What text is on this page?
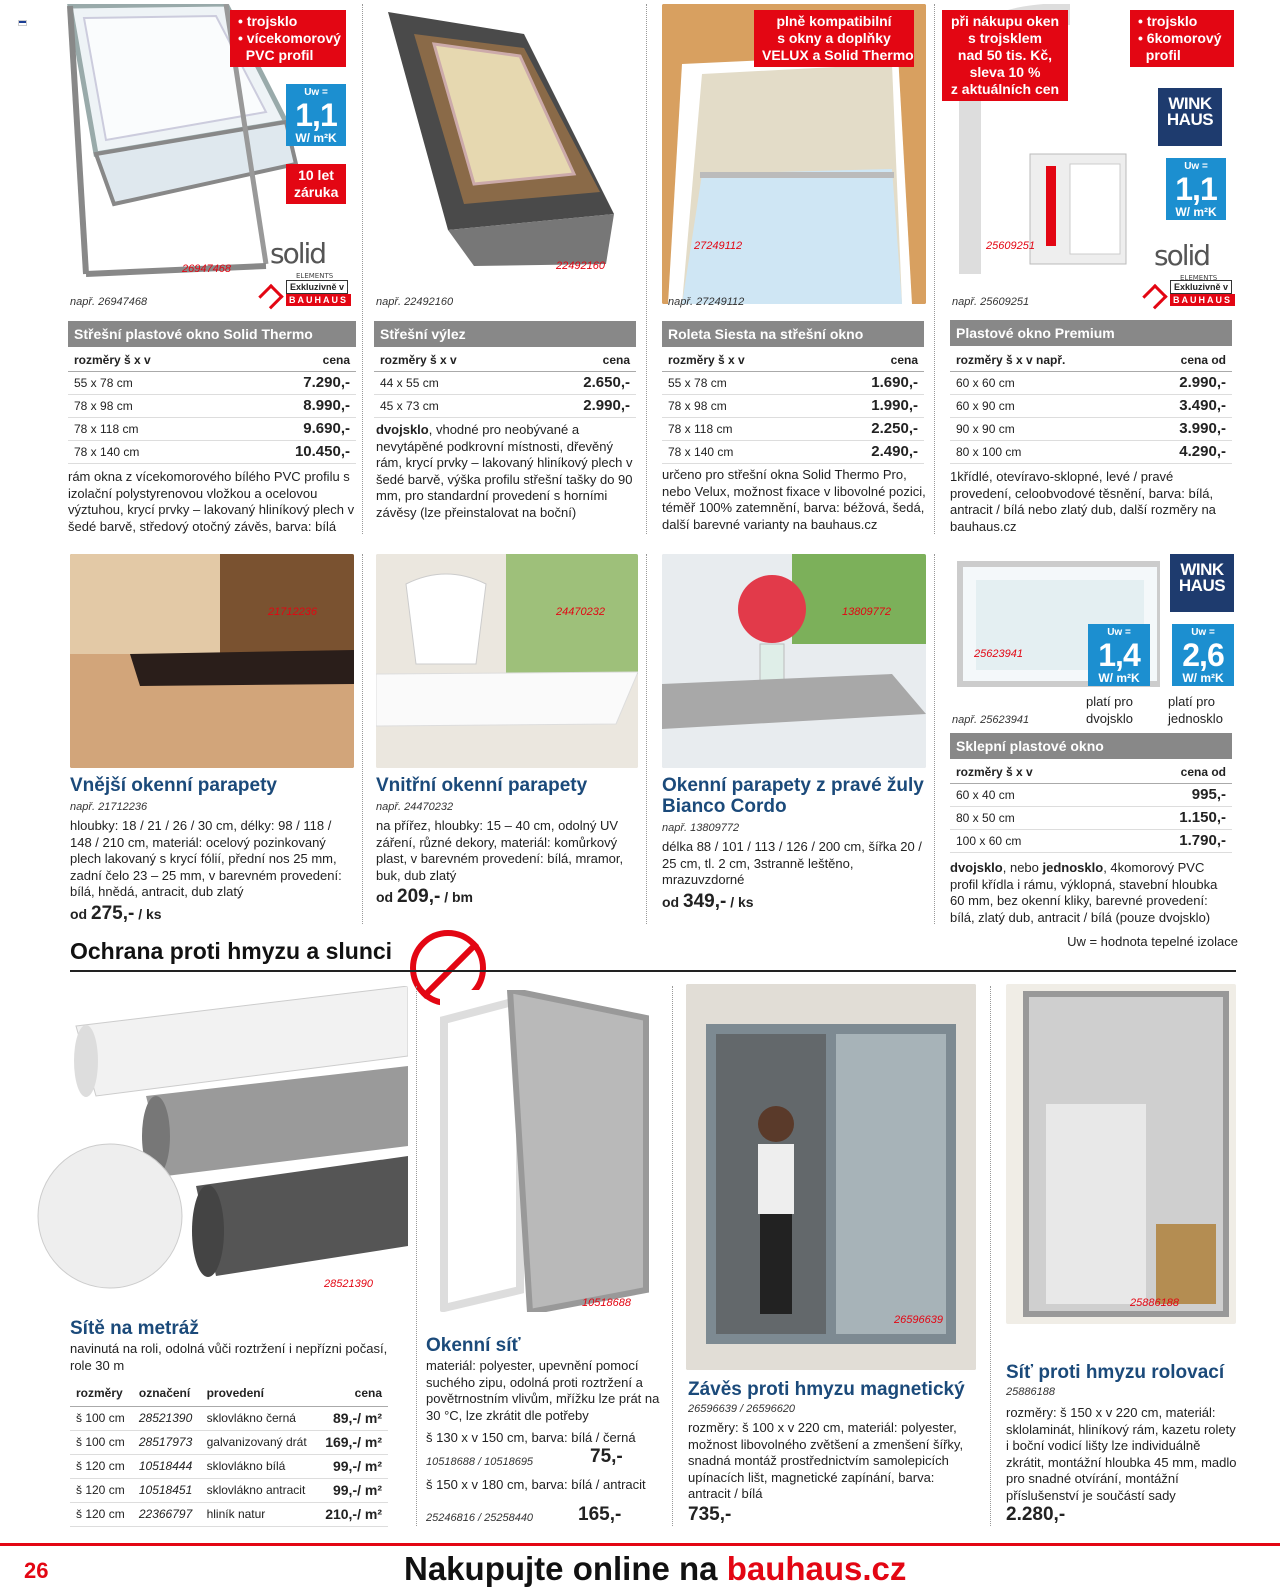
• trojsklo
• vícekomorový
PVC profil
Uw =
1,1
W/ m²K
10 let
záruka
26947468 solid
ELEMENTS
Exkluzivně v
BAUHAUS
např. 26947468
Střešní plastové okno Solid Thermo
rozměry š x v	cena
55 x 78 cm	7.290,-
78 x 98 cm	8.990,-
78 x 118 cm	9.690,-
78 x 140 cm	10.450,-
rám okna z vícekomorového bílého PVC profilu s izolační polystyrenovou vložkou a ocelovou výztuhou, krycí prvky – lakovaný hliníkový plech v šedé barvě, středový otočný závěs, barva: bílá
22492160
např. 22492160
Střešní výlez
rozměry š x v	cena
44 x 55 cm	2.650,-
45 x 73 cm	2.990,-
dvojsklo, vhodné pro neobývané a nevytápěné podkrovní místnosti, dřevěný rám, krycí prvky – lakovaný hliníkový plech v šedé barvě, výška profilu střešní tašky do 90 mm, pro standardní provedení s horními závěsy (lze přeinstalovat na boční)
plně kompatibilní
s okny a doplňky
VELUX a Solid Thermo
27249112
např. 27249112
Roleta Siesta na střešní okno
rozměry š x v	cena
55 x 78 cm	1.690,-
78 x 98 cm	1.990,-
78 x 118 cm	2.250,-
78 x 140 cm	2.490,-
určeno pro střešní okna Solid Thermo Pro, nebo Velux, možnost fixace v libovolné pozici, téměř 100% zatemnění, barva: béžová, šedá, další barevné varianty na bauhaus.cz
při nákupu oken
s trojsklem
nad 50 tis. Kč,
sleva 10 %
z aktuálních cen
• trojsklo
• 6komorový
profil
WINK HAUS
Uw =
1,1
W/ m²K
25609251	solid
ELEMENTS
Exkluzivně v
BAUHAUS
např. 25609251
Plastové okno Premium
rozměry š x v např.	cena od
60 x 60 cm	2.990,-
60 x 90 cm	3.490,-
90 x 90 cm	3.990,-
80 x 100 cm	4.290,-
1křídlé, otevíravo-sklopné, levé / pravé provedení, celoobvodové těsnění, barva: bílá, antracit / bílá nebo zlatý dub, další rozměry na bauhaus.cz
21712236
Vnější okenní parapety
např. 21712236
hloubky: 18 / 21 / 26 / 30 cm, délky: 98 / 118 / 148 / 210 cm, materiál: ocelový pozinkovaný plech lakovaný s krycí fólií, přední nos 25 mm, zadní čelo 23 – 25 mm, v barevném provedení: bílá, hnědá, antracit, dub zlatý
od 275,- / ks
24470232
Vnitřní okenní parapety
např. 24470232
na přířez, hloubky: 15 – 40 cm, odolný UV záření, různé dekory, materiál: komůrkový plast, v barevném provedení: bílá, mramor, buk, dub zlatý
od 209,- / bm
13809772
Okenní parapety z pravé žuly Bianco Cordo
např. 13809772
délka 88 / 101 / 113 / 126 / 200 cm, šířka 20 / 25 cm, tl. 2 cm, 3stranně leštěno, mrazuvzdorné
od 349,- / ks
WINK HAUS
Uw =
1,4
W/ m²K
Uw =
2,6
W/ m²K
platí pro dvojsklo
platí pro jednosklo
25623941
např. 25623941
Sklepní plastové okno
rozměry š x v	cena od
60 x 40 cm	995,-
80 x 50 cm	1.150,-
100 x 60 cm	1.790,-
dvojsklo, nebo jednosklo, 4komorový PVC profil křídla i rámu, výklopná, stavební hloubka 60 mm, bez okenní kliky, barevné provedení: bílá, zlatý dub, antracit / bílá (pouze dvojsklo)
Uw = hodnota tepelné izolace
Ochrana proti hmyzu a slunci
28521390
Sítě na metráž
navinutá na roli, odolná vůči roztržení i nepřízni počasí, role 30 m
rozměry	označení	provedení	cena
š 100 cm	28521390	sklovlákno černá	89,-/ m²
š 100 cm	28517973	galvanizovaný drát	169,-/ m²
š 120 cm	10518444	sklovlákno bílá	99,-/ m²
š 120 cm	10518451	sklovlákno antracit	99,-/ m²
š 120 cm	22366797	hliník natur	210,-/ m²
10518688
Okenní síť
materiál: polyester, upevnění pomocí suchého zipu, odolná proti roztržení a povětrnostním vlivům, mřížku lze prát na 30 °C, lze zkrátit dle potřeby
š 130 x v 150 cm, barva: bílá / černá
10518688 / 10518695	75,-
š 150 x v 180 cm, barva: bílá / antracit
25246816 / 25258440 165,-
26596639
Závěs proti hmyzu magnetický
26596639 / 26596620
rozměry: š 100 x v 220 cm, materiál: polyester, možnost libovolného zvětšení a zmenšení šířky, snadná montáž prostřednictvím samolepicích upínacích lišt, magnetické zapínání, barva: antracit / bílá
735,-
25886188
Síť proti hmyzu rolovací
25886188
rozměry: š 150 x v 220 cm, materiál: sklolaminát, hliníkový rám, kazetu rolety i boční vodicí lišty lze individuálně zkrátit, montážní hloubka 45 mm, madlo pro snadné otvírání, montážní příslušenství je součástí sady
2.280,-
26	Nakupujte online na bauhaus.cz
